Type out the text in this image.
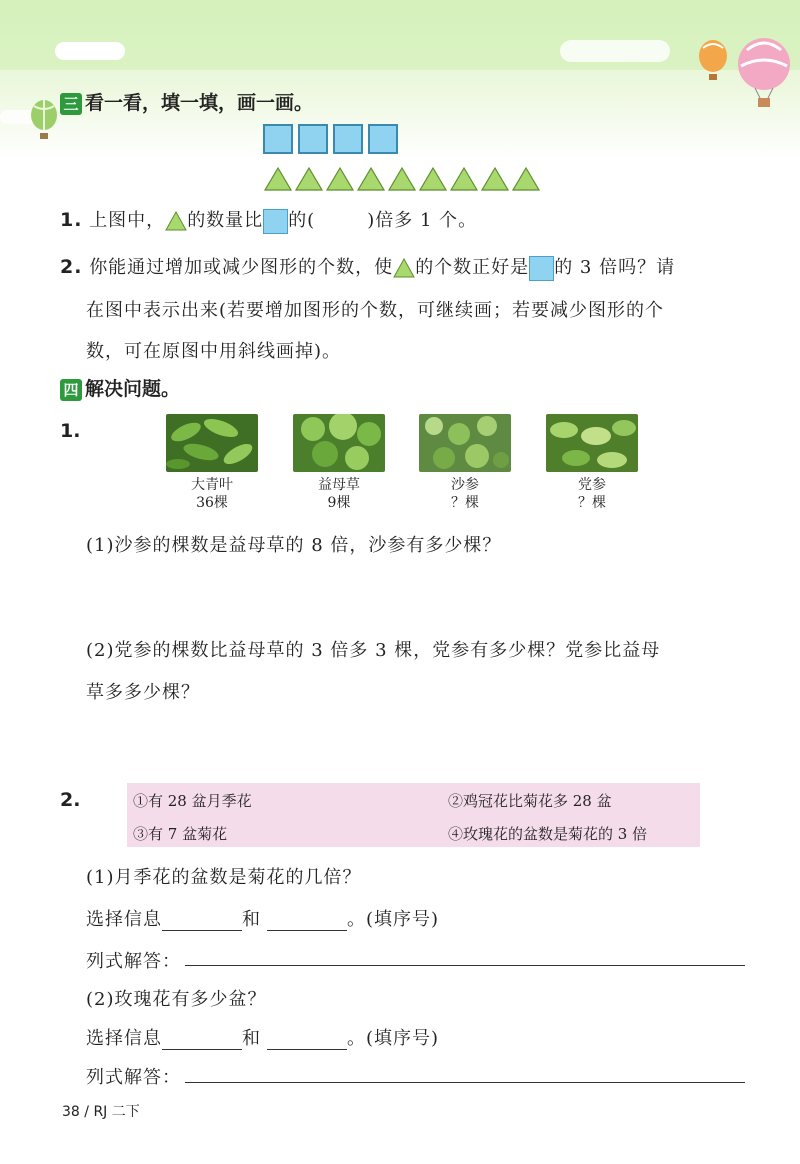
三 看一看，填一填，画一画。
1. 上图中， 的数量比 的(	)倍多 1 个。
2. 你能通过增加或减少图形的个数，使 的个数正好是 的 3 倍吗？请
在图中表示出来(若要增加图形的个数，可继续画；若要减少图形的个
数，可在原图中用斜线画掉)。
四 解决问题。
1.
大青叶
36棵
益母草
9棵
沙参
？棵
党参
？棵
(1)沙参的棵数是益母草的 8 倍，沙参有多少棵？
(2)党参的棵数比益母草的 3 倍多 3 棵，党参有多少棵？党参比益母
草多多少棵？
2.	①有 28 盆月季花	②鸡冠花比菊花多 28 盆
③有 7 盆菊花	④玫瑰花的盆数是菊花的 3 倍
(1)月季花的盆数是菊花的几倍？
选择信息	和	。(填序号)
列式解答：
(2)玫瑰花有多少盆？
选择信息	和	。(填序号)
列式解答：
38 / RJ 二下
